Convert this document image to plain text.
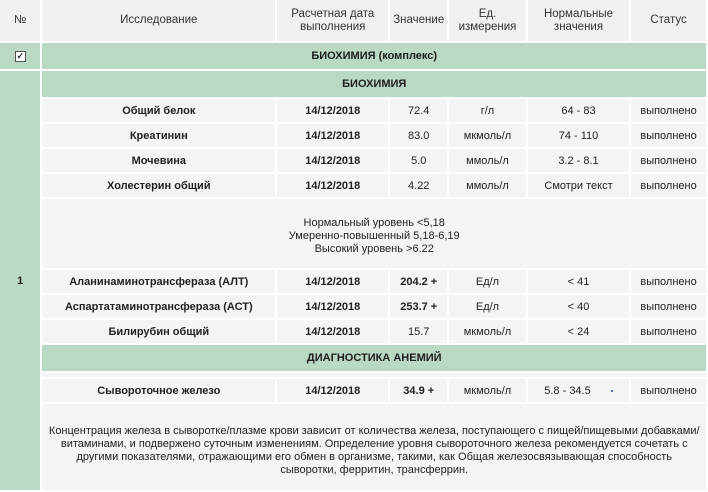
№	Исследование	Расчетная дата выполнения	Значение	Ед. измерения	Нормальные значения	Статус
✓	БИОХИМИЯ (комплекс)					
1	БИОХИМИЯ					
	Общий белок	14/12/2018	72.4	г/л	64 - 83	выполнено
	Креатинин	14/12/2018	83.0	мкмоль/л	74 - 110	выполнено
	Мочевина	14/12/2018	5.0	ммоль/л	3.2 - 8.1	выполнено
	Холестерин общий	14/12/2018	4.22	ммоль/л	Смотри текст	выполнено

	Нормальный уровень <5,18
Умеренно-повышенный 5,18-6,19
Высокий уровень >6.22					

	Аланинаминотрансфераза (АЛТ)	14/12/2018	204.2 +	Ед/л	< 41	выполнено
	Аспартатаминотрансфераза (АСТ)	14/12/2018	253.7 +	Ед/л	< 40	выполнено
	Билирубин общий	14/12/2018	15.7	мкмоль/л	< 24	выполнено
	ДИАГНОСТИКА АНЕМИЙ					

	Сывороточное железо	14/12/2018	34.9 +	мкмоль/л	5.8 - 34.5	выполнено
	Концентрация железа в сыворотке/плазме крови зависит от количества железа, поступающего с пищей/пищевыми добавками/витаминами, и подвержено суточным изменениям. Определение уровня сывороточного железа рекомендуется сочетать с другими показателями, отражающими его обмен в организме, такими, как Общая железосвязывающая способность сыворотки, ферритин, трансферрин.					
